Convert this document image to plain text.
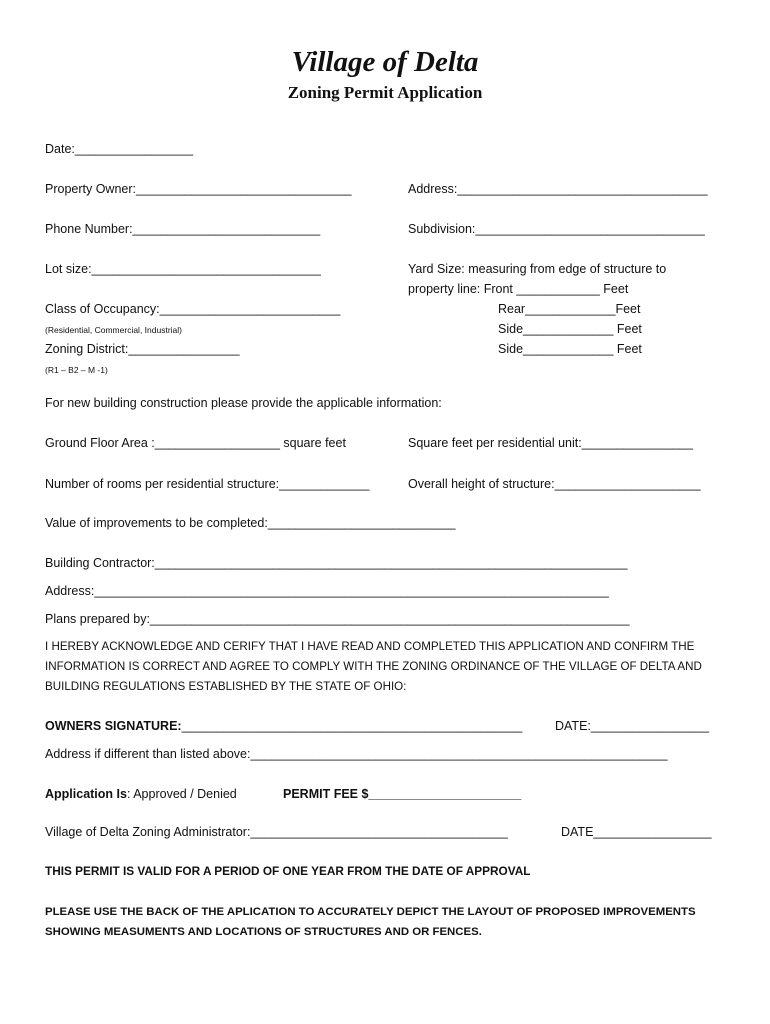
Village of Delta
Zoning Permit Application
Date:_________________
Property Owner:_______________________________	Address:____________________________________
Phone Number:___________________________	Subdivision:_________________________________
Lot size:_________________________________	Yard Size: measuring from edge of structure to
property line: Front ____________ Feet
Class of Occupancy:__________________________	Rear_____________Feet
(Residential, Commercial, Industrial)	Side_____________ Feet
Zoning District:________________	Side_____________ Feet
(R1 – B2 – M -1)
For new building construction please provide the applicable information:
Ground Floor Area :__________________ square feet	Square feet per residential unit:________________
Number of rooms per residential structure:_____________	Overall height of structure:_____________________
Value of improvements to be completed:___________________________
Building Contractor:____________________________________________________________________
Address:__________________________________________________________________________
Plans prepared by:_____________________________________________________________________
I HEREBY ACKNOWLEDGE AND CERIFY THAT I HAVE READ AND COMPLETED THIS APPLICATION AND CONFIRM THE
INFORMATION IS CORRECT AND AGREE TO COMPLY WITH THE ZONING ORDINANCE OF THE VILLAGE OF DELTA AND
BUILDING REGULATIONS ESTABLISHED BY THE STATE OF OHIO:
OWNERS SIGNATURE:_________________________________________________	DATE:_________________
Address if different than listed above:____________________________________________________________
Application Is: Approved / Denied	PERMIT FEE $______________________
Village of Delta Zoning Administrator:_____________________________________	DATE_________________
THIS PERMIT IS VALID FOR A PERIOD OF ONE YEAR FROM THE DATE OF APPROVAL
PLEASE USE THE BACK OF THE APLICATION TO ACCURATELY DEPICT THE LAYOUT OF PROPOSED IMPROVEMENTS
SHOWING MEASUMENTS AND LOCATIONS OF STRUCTURES AND OR FENCES.
